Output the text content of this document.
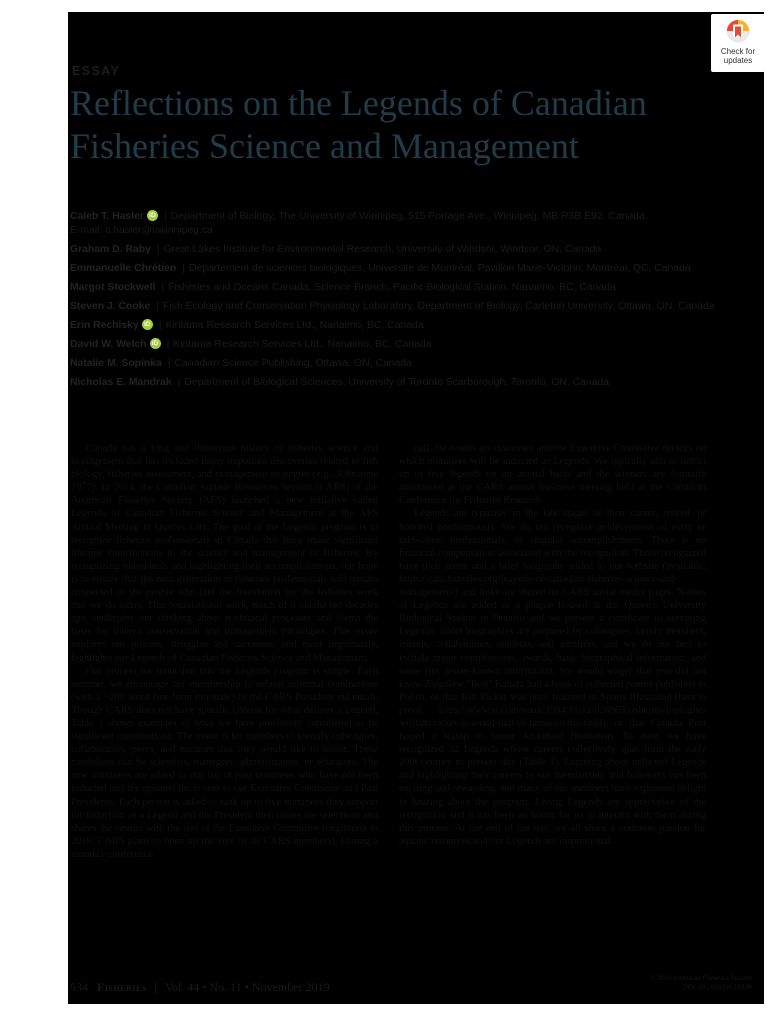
ESSAY
Reflections on the Legends of Canadian Fisheries Science and Management
Caleb T. Hasler iD | Department of Biology, The University of Winnipeg, 515 Portage Ave., Winnipeg, MB R3B E92, Canada.
E-mail: c.hasler@uwinnipeg.ca
Graham D. Raby | Great Lakes Institute for Environmental Research, University of Windsor, Windsor, ON, Canada
Emmanuelle Chrétien | Département de sciences biologiques, Université de Montréal, Pavillon Marie-Victorin, Montréal, QC, Canada
Margot Stockwell | Fisheries and Oceans Canada, Science Branch, Pacific Biological Station, Nanaimo, BC, Canada
Steven J. Cooke | Fish Ecology and Conservation Physiology Laboratory, Department of Biology, Carleton University, Ottawa, ON, Canada
Erin Rechisky iD | Kintama Research Services Ltd., Nanaimo, BC, Canada
David W. Welch iD | Kintama Research Services Ltd., Nanaimo, BC, Canada
Natalie M. Sopinka | Canadian Science Publishing, Ottawa, ON, Canada
Nicholas E. Mandrak | Department of Biological Sciences, University of Toronto Scarborough, Toronto, ON, Canada

Canada has a long and illustrious history in fisheries science and management that has included many important discoveries related to fish biology, fisheries assessment, and management strategies (e.g., Johnstone 1977). In 2014, the Canadian Aquatic Resources Section (CARS) of the American Fisheries Society (AFS) launched a new initiative called Legends of Canadian Fisheries Science and Management at the AFS Annual Meeting in Québec City. The goal of the Legends program is to recognize fisheries professionals in Canada that have made significant lifetime contributions to the science and management of fisheries. By recognizing individuals and highlighting their accomplishments, our hope is to ensure that the next generation of fisheries professionals will remain connected to the people who laid the foundation for the fisheries work that we do today. That foundational work, much of it conducted decades ago, underpins our thinking about ecological processes and forms the basis for today's conservation and management paradigms. This essay explores our process, struggles and successes, and most importantly, highlights our Legends of Canadian Fisheries Science and Management.

Our process for induction into the Legends program is simple. Each summer, we encourage our membership to submit informal nominations (with a ~200 word free-form rationale) to the CARS President via email. Though CARS does not have specific criteria for what defines a Legend, Table 1 shows examples of what we have previously considered to be significant contributions. The intent is for members to identify colleagues, collaborators, peers, and mentors that they would like to honor. These candidates can be scientists, managers, administrators, or educators. The new nominees are added to our list of past nominees who have not been inducted and the updated list is sent to our Executive Committee and Past Presidents. Each person is asked to rank up to five nominees they support for induction as a Legend and the President then tallies the selections and shares the results with the rest of the Executive Committee (beginning in 2019, CARS plans to open up the vote to all CARS members). During a monthly conference

call, the results are discussed and the Executive Committee decides on which nominees will be inducted as Legends. We typically aim to induct up to five legends on an annual basis and the winners are formally announced at the CARS annual business meeting held at the Canadian Conference for Fisheries Research.

Legends are typically in the late stages of their career, retired, or honored posthumously. We do not recognize achievements of early or mid-career professionals, or singular accomplishments. There is no financial compensation associated with the recognition. Those recognized have their name and a brief biography added to our website (available: https://cars.fisheries.org/legends-of-canadian-fisheries-science-and-management/) and links are shared on CARS social media pages. Names of Legends are added to a plaque housed at the Queen's University Biological Station in Ontario and we present a certificate to surviving Legends. Short biographies are prepared by colleagues, family members, friends, collaborators, students, and admirers, and we do our best to include major contributions, awards, basic biographical information, and some fun, lesser-known information. We would wager that you did not know Zbigniew "Bob" Kabata had a book of collected poems published in Polish, or that Bill Ricker was once featured in Sports Illustrated (here is proof: https://www.si.com/vault/1984/11/12/626963/fisheries-biologist-william-ricker-is-a-real-hall-of-famer-in-his-field), or that Canada Post issued a stamp to honor Archibald Huntsman. To date, we have recognized 32 Legends whose careers collectively span from the early 20th century to present day (Table 1). Learning about inducted Legends and highlighting their careers to our membership and followers has been exciting and rewarding, and many of our members have expressed delight in hearing about the program. Living Legends are appreciative of the recognition and it has been an honor for us to interact with them during this process. At the end of the day, we all share a common passion for aquatic resources and our Legends are inspirational.

534 Fisheries | Vol. 44 • No. 11 • November 2019
© 2019 American Fisheries Society
DOI: 10.1002/fsh.10336
Check for
updates
